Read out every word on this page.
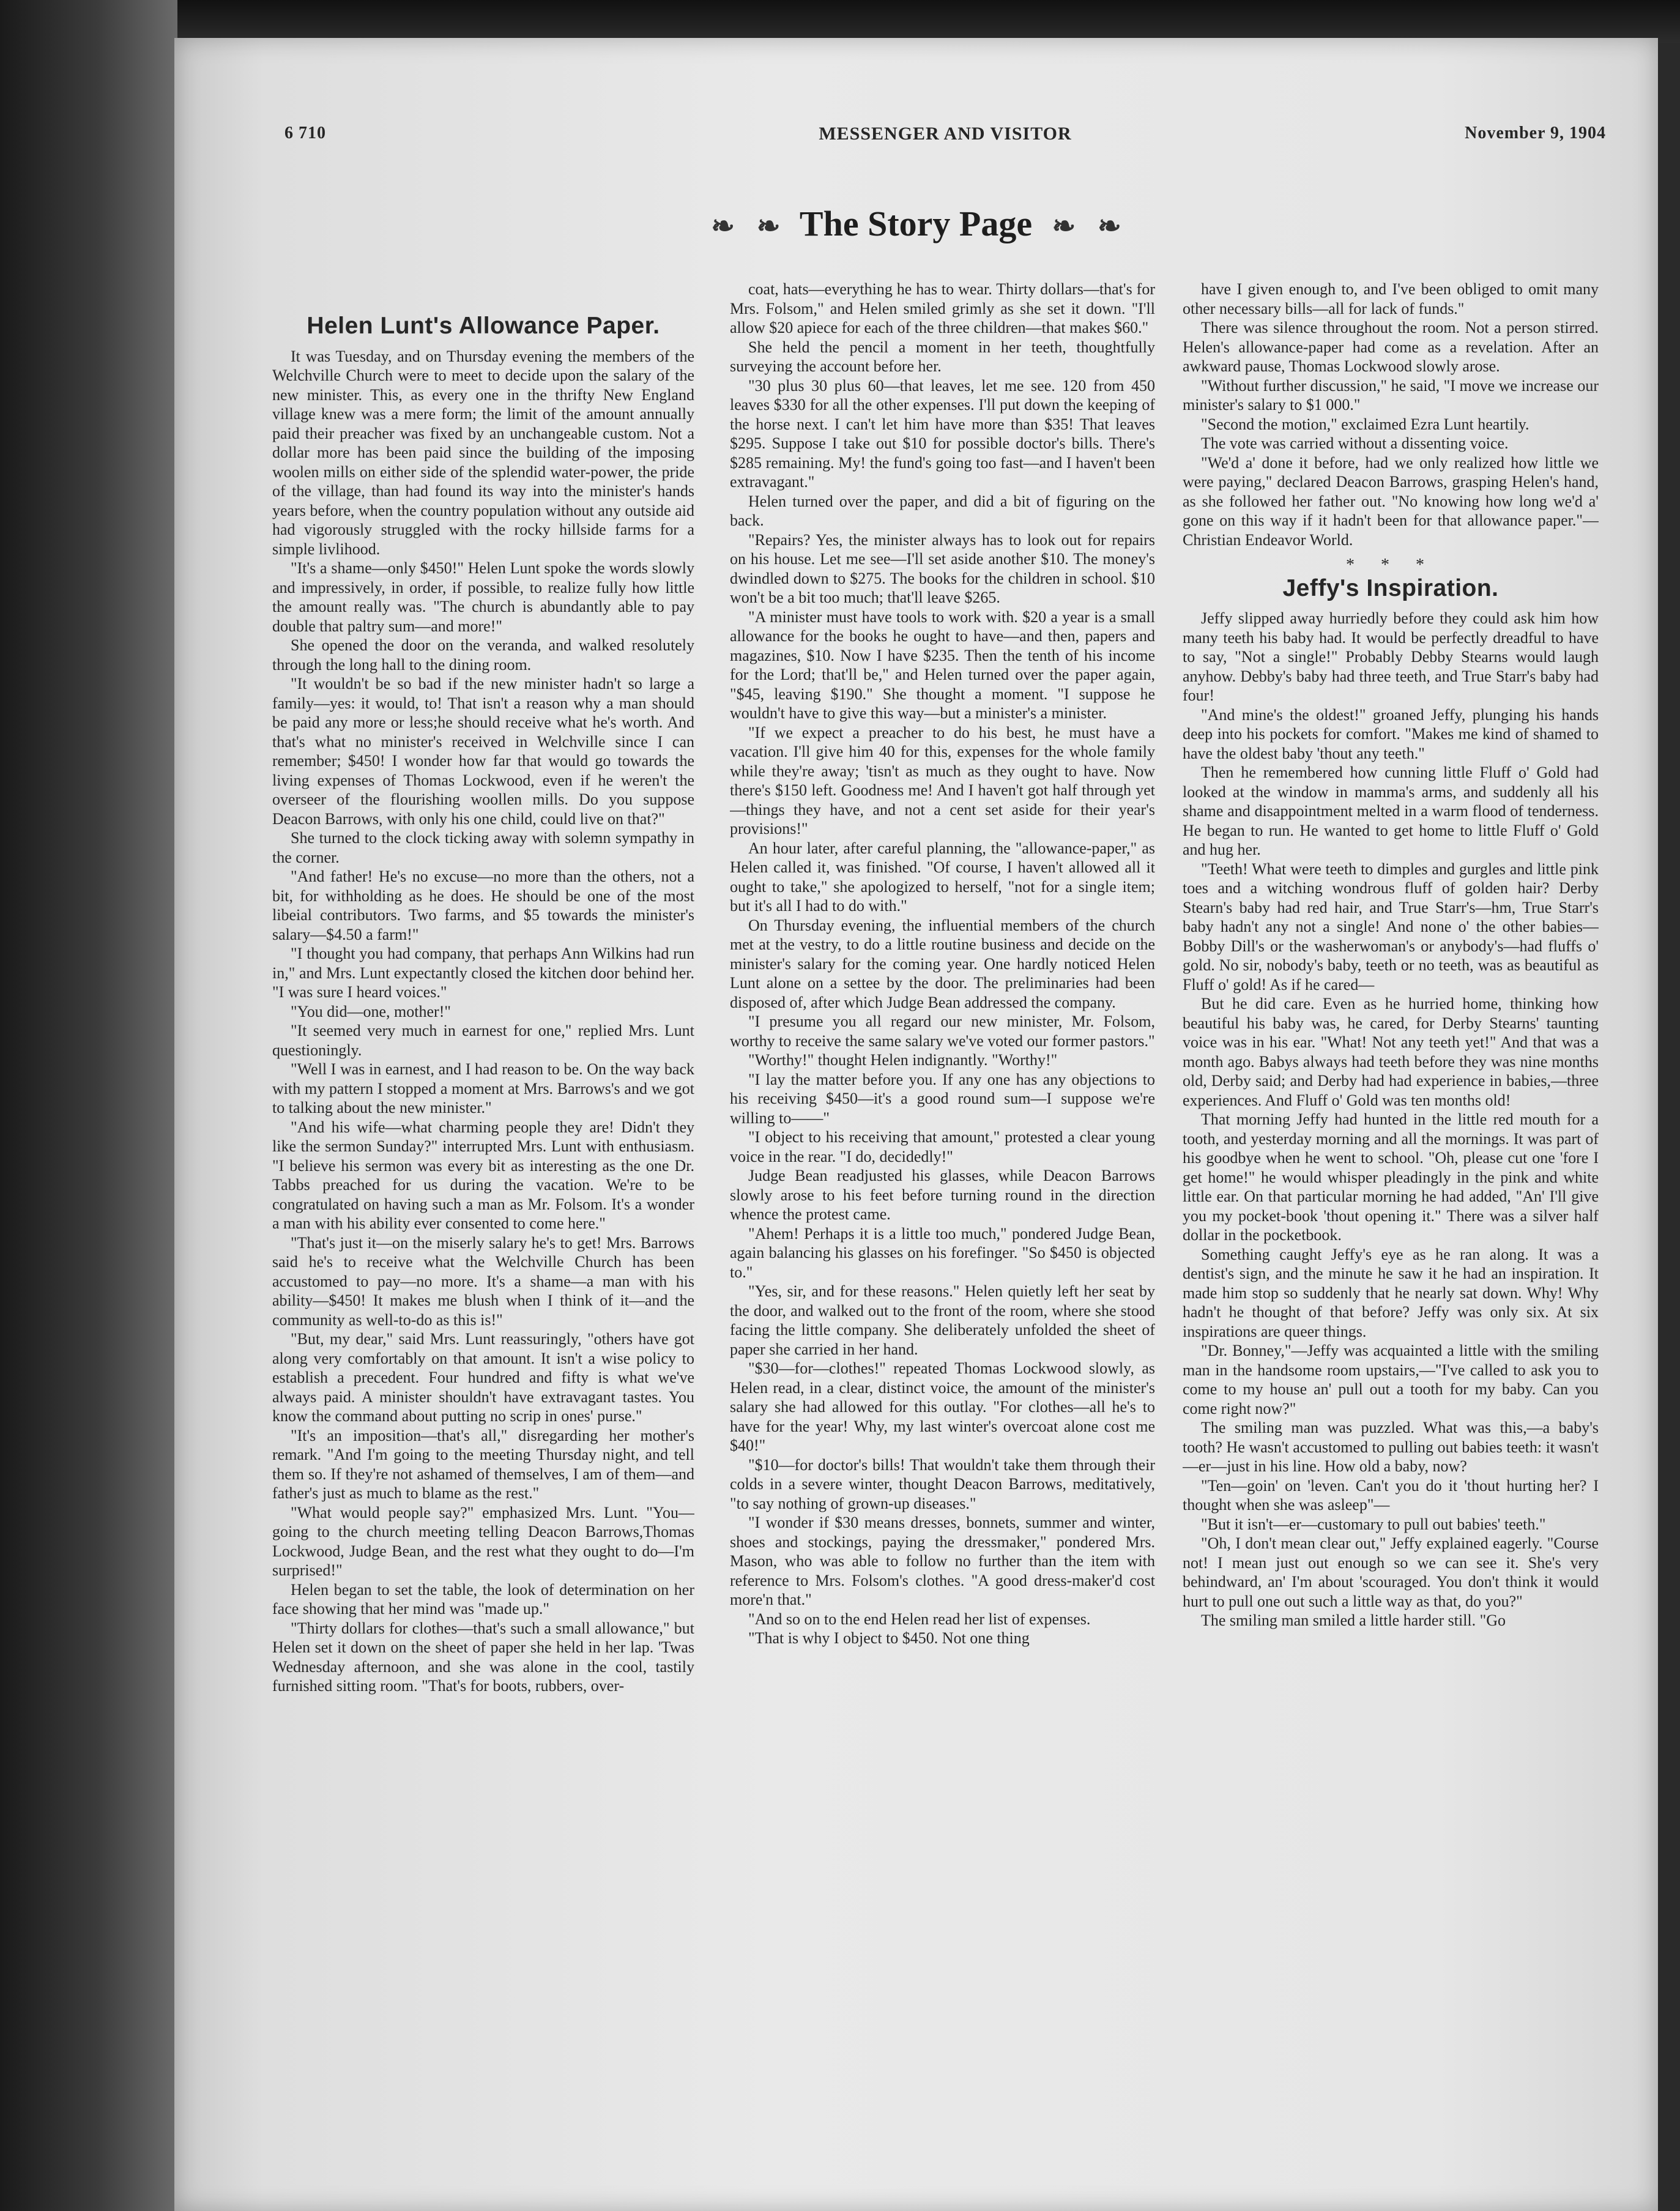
MESSENGER AND VISITOR
6 710	November 9, 1904
❧ ❧ The Story Page ❧ ❧
Helen Lunt's Allowance Paper.

It was Tuesday, and on Thursday evening the members of the Welchville Church were to meet to decide upon the salary of the new minister. This, as every one in the thrifty New England village knew was a mere form; the limit of the amount annually paid their preacher was fixed by an unchangeable custom. Not a dollar more has been paid since the building of the imposing woolen mills on either side of the splendid water-power, the pride of the village, than had found its way into the minister's hands years before, when the country population without any outside aid had vigorously struggled with the rocky hillside farms for a simple livlihood.

"It's a shame—only $450!" Helen Lunt spoke the words slowly and impressively, in order, if possible, to realize fully how little the amount really was. "The church is abundantly able to pay double that paltry sum—and more!"

She opened the door on the veranda, and walked resolutely through the long hall to the dining room.

"It wouldn't be so bad if the new minister hadn't so large a family—yes: it would, to! That isn't a reason why a man should be paid any more or less;he should receive what he's worth. And that's what no minister's received in Welchville since I can remember; $450! I wonder how far that would go towards the living expenses of Thomas Lockwood, even if he weren't the overseer of the flourishing woollen mills. Do you suppose Deacon Barrows, with only his one child, could live on that?"

She turned to the clock ticking away with solemn sympathy in the corner.

"And father! He's no excuse—no more than the others, not a bit, for withholding as he does. He should be one of the most libeial contributors. Two farms, and $5 towards the minister's salary—$4.50 a farm!"

"I thought you had company, that perhaps Ann Wilkins had run in," and Mrs. Lunt expectantly closed the kitchen door behind her. "I was sure I heard voices."

"You did—one, mother!"

"It seemed very much in earnest for one," replied Mrs. Lunt questioningly.

"Well I was in earnest, and I had reason to be. On the way back with my pattern I stopped a moment at Mrs. Barrows's and we got to talking about the new minister."

"And his wife—what charming people they are! Didn't they like the sermon Sunday?" interrupted Mrs. Lunt with enthusiasm. "I believe his sermon was every bit as interesting as the one Dr. Tabbs preached for us during the vacation. We're to be congratulated on having such a man as Mr. Folsom. It's a wonder a man with his ability ever consented to come here."

"That's just it—on the miserly salary he's to get! Mrs. Barrows said he's to receive what the Welchville Church has been accustomed to pay—no more. It's a shame—a man with his ability—$450! It makes me blush when I think of it—and the community as well-to-do as this is!"

"But, my dear," said Mrs. Lunt reassuringly, "others have got along very comfortably on that amount. It isn't a wise policy to establish a precedent. Four hundred and fifty is what we've always paid. A minister shouldn't have extravagant tastes. You know the command about putting no scrip in ones' purse."

"It's an imposition—that's all," disregarding her mother's remark. "And I'm going to the meeting Thursday night, and tell them so. If they're not ashamed of themselves, I am of them—and father's just as much to blame as the rest."

"What would people say?" emphasized Mrs. Lunt. "You—going to the church meeting telling Deacon Barrows,Thomas Lockwood, Judge Bean, and the rest what they ought to do—I'm surprised!"

Helen began to set the table, the look of determination on her face showing that her mind was "made up."

"Thirty dollars for clothes—that's such a small allowance," but Helen set it down on the sheet of paper she held in her lap. 'Twas Wednesday afternoon, and she was alone in the cool, tastily furnished sitting room. "That's for boots, rubbers, over-

coat, hats—everything he has to wear. Thirty dollars—that's for Mrs. Folsom," and Helen smiled grimly as she set it down. "I'll allow $20 apiece for each of the three children—that makes $60."

She held the pencil a moment in her teeth, thoughtfully surveying the account before her.

"30 plus 30 plus 60—that leaves, let me see. 120 from 450 leaves $330 for all the other expenses. I'll put down the keeping of the horse next. I can't let him have more than $35! That leaves $295. Suppose I take out $10 for possible doctor's bills. There's $285 remaining. My! the fund's going too fast—and I haven't been extravagant."

Helen turned over the paper, and did a bit of figuring on the back.

"Repairs? Yes, the minister always has to look out for repairs on his house. Let me see—I'll set aside another $10. The money's dwindled down to $275. The books for the children in school. $10 won't be a bit too much; that'll leave $265.

"A minister must have tools to work with. $20 a year is a small allowance for the books he ought to have—and then, papers and magazines, $10. Now I have $235. Then the tenth of his income for the Lord; that'll be," and Helen turned over the paper again, "$45, leaving $190." She thought a moment. "I suppose he wouldn't have to give this way—but a minister's a minister.

"If we expect a preacher to do his best, he must have a vacation. I'll give him 40 for this, expenses for the whole family while they're away; 'tisn't as much as they ought to have. Now there's $150 left. Goodness me! And I haven't got half through yet—things they have, and not a cent set aside for their year's provisions!"

An hour later, after careful planning, the "allowance-paper," as Helen called it, was finished. "Of course, I haven't allowed all it ought to take," she apologized to herself, "not for a single item; but it's all I had to do with."

On Thursday evening, the influential members of the church met at the vestry, to do a little routine business and decide on the minister's salary for the coming year. One hardly noticed Helen Lunt alone on a settee by the door. The preliminaries had been disposed of, after which Judge Bean addressed the company.

"I presume you all regard our new minister, Mr. Folsom, worthy to receive the same salary we've voted our former pastors."

"Worthy!" thought Helen indignantly. "Worthy!"

"I lay the matter before you. If any one has any objections to his receiving $450—it's a good round sum—I suppose we're willing to——"

"I object to his receiving that amount," protested a clear young voice in the rear. "I do, decidedly!"

Judge Bean readjusted his glasses, while Deacon Barrows slowly arose to his feet before turning round in the direction whence the protest came.

"Ahem! Perhaps it is a little too much," pondered Judge Bean, again balancing his glasses on his forefinger. "So $450 is objected to."

"Yes, sir, and for these reasons." Helen quietly left her seat by the door, and walked out to the front of the room, where she stood facing the little company. She deliberately unfolded the sheet of paper she carried in her hand.

"$30—for—clothes!" repeated Thomas Lockwood slowly, as Helen read, in a clear, distinct voice, the amount of the minister's salary she had allowed for this outlay. "For clothes—all he's to have for the year! Why, my last winter's overcoat alone cost me $40!"

"$10—for doctor's bills! That wouldn't take them through their colds in a severe winter, thought Deacon Barrows, meditatively, "to say nothing of grown-up diseases."

"I wonder if $30 means dresses, bonnets, summer and winter, shoes and stockings, paying the dressmaker," pondered Mrs. Mason, who was able to follow no further than the item with reference to Mrs. Folsom's clothes. "A good dress-maker'd cost more'n that."

"And so on to the end Helen read her list of expenses.

"That is why I object to $450. Not one thing

have I given enough to, and I've been obliged to omit many other necessary bills—all for lack of funds."

There was silence throughout the room. Not a person stirred. Helen's allowance-paper had come as a revelation. After an awkward pause, Thomas Lockwood slowly arose.

"Without further discussion," he said, "I move we increase our minister's salary to $1 000."

"Second the motion," exclaimed Ezra Lunt heartily.

The vote was carried without a dissenting voice.

"We'd a' done it before, had we only realized how little we were paying," declared Deacon Barrows, grasping Helen's hand, as she followed her father out. "No knowing how long we'd a' gone on this way if it hadn't been for that allowance paper."—Christian Endeavor World.

* * *
Jeffy's Inspiration.

Jeffy slipped away hurriedly before they could ask him how many teeth his baby had. It would be perfectly dreadful to have to say, "Not a single!" Probably Debby Stearns would laugh anyhow. Debby's baby had three teeth, and True Starr's baby had four!

"And mine's the oldest!" groaned Jeffy, plunging his hands deep into his pockets for comfort. "Makes me kind of shamed to have the oldest baby 'thout any teeth."

Then he remembered how cunning little Fluff o' Gold had looked at the window in mamma's arms, and suddenly all his shame and disappointment melted in a warm flood of tenderness. He began to run. He wanted to get home to little Fluff o' Gold and hug her.

"Teeth! What were teeth to dimples and gurgles and little pink toes and a witching wondrous fluff of golden hair? Derby Stearn's baby had red hair, and True Starr's—hm, True Starr's baby hadn't any not a single! And none o' the other babies—Bobby Dill's or the washerwoman's or anybody's—had fluffs o' gold. No sir, nobody's baby, teeth or no teeth, was as beautiful as Fluff o' gold! As if he cared—

But he did care. Even as he hurried home, thinking how beautiful his baby was, he cared, for Derby Stearns' taunting voice was in his ear. "What! Not any teeth yet!" And that was a month ago. Babys always had teeth before they was nine months old, Derby said; and Derby had had experience in babies,—three experiences. And Fluff o' Gold was ten months old!

That morning Jeffy had hunted in the little red mouth for a tooth, and yesterday morning and all the mornings. It was part of his goodbye when he went to school. "Oh, please cut one 'fore I get home!" he would whisper pleadingly in the pink and white little ear. On that particular morning he had added, "An' I'll give you my pocket-book 'thout opening it." There was a silver half dollar in the pocketbook.

Something caught Jeffy's eye as he ran along. It was a dentist's sign, and the minute he saw it he had an inspiration. It made him stop so suddenly that he nearly sat down. Why! Why hadn't he thought of that before? Jeffy was only six. At six inspirations are queer things.

"Dr. Bonney,"—Jeffy was acquainted a little with the smiling man in the handsome room upstairs,—"I've called to ask you to come to my house an' pull out a tooth for my baby. Can you come right now?"

The smiling man was puzzled. What was this,—a baby's tooth? He wasn't accustomed to pulling out babies teeth: it wasn't—er—just in his line. How old a baby, now?

"Ten—goin' on 'leven. Can't you do it 'thout hurting her? I thought when she was asleep"—

"But it isn't—er—customary to pull out babies' teeth."

"Oh, I don't mean clear out," Jeffy explained eagerly. "Course not! I mean just out enough so we can see it. She's very behindward, an' I'm about 'scouraged. You don't think it would hurt to pull one out such a little way as that, do you?"

The smiling man smiled a little harder still. "Go
